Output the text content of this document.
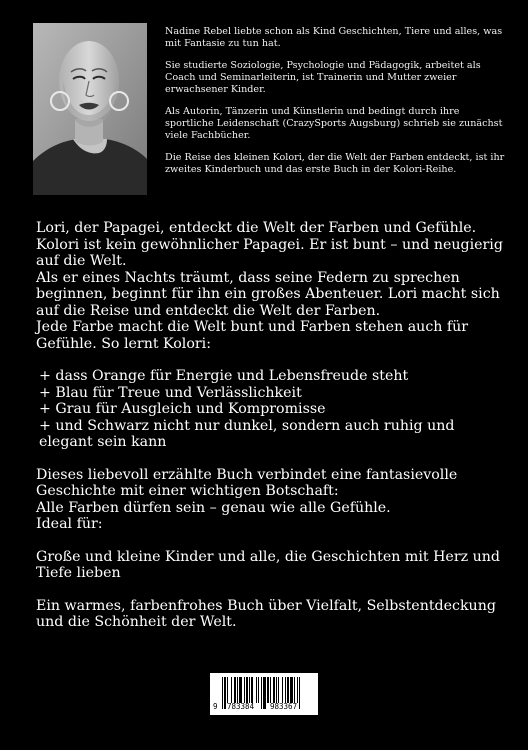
Nadine Rebel liebte schon als Kind Geschichten, Tiere und alles, was mit Fantasie zu tun hat.

Sie studierte Soziologie, Psychologie und Pädagogik, arbeitet als Coach und Seminarleiterin, ist Trainerin und Mutter zweier erwachsener Kinder.

Als Autorin, Tänzerin und Künstlerin und bedingt durch ihre sportliche Leidenschaft (CrazySports Augsburg) schrieb sie zunächst viele Fachbücher.

Die Reise des kleinen Kolori, der die Welt der Farben entdeckt, ist ihr zweites Kinderbuch und das erste Buch in der Kolori-Reihe.

Lori, der Papagei, entdeckt die Welt der Farben und Gefühle.
Kolori ist kein gewöhnlicher Papagei. Er ist bunt – und neugierig auf die Welt.
Als er eines Nachts träumt, dass seine Federn zu sprechen beginnen, beginnt für ihn ein großes Abenteuer. Lori macht sich auf die Reise und entdeckt die Welt der Farben.
Jede Farbe macht die Welt bunt und Farben stehen auch für Gefühle. So lernt Kolori:
+ dass Orange für Energie und Lebensfreude steht
+ Blau für Treue und Verlässlichkeit
+ Grau für Ausgleich und Kompromisse
+ und Schwarz nicht nur dunkel, sondern auch ruhig und elegant sein kann
Dieses liebevoll erzählte Buch verbindet eine fantasievolle Geschichte mit einer wichtigen Botschaft:
Alle Farben dürfen sein – genau wie alle Gefühle.
Ideal für:
Große und kleine Kinder und alle, die Geschichten mit Herz und Tiefe lieben
Ein warmes, farbenfrohes Buch über Vielfalt, Selbstentdeckung und die Schönheit der Welt.
9 783384 983367
